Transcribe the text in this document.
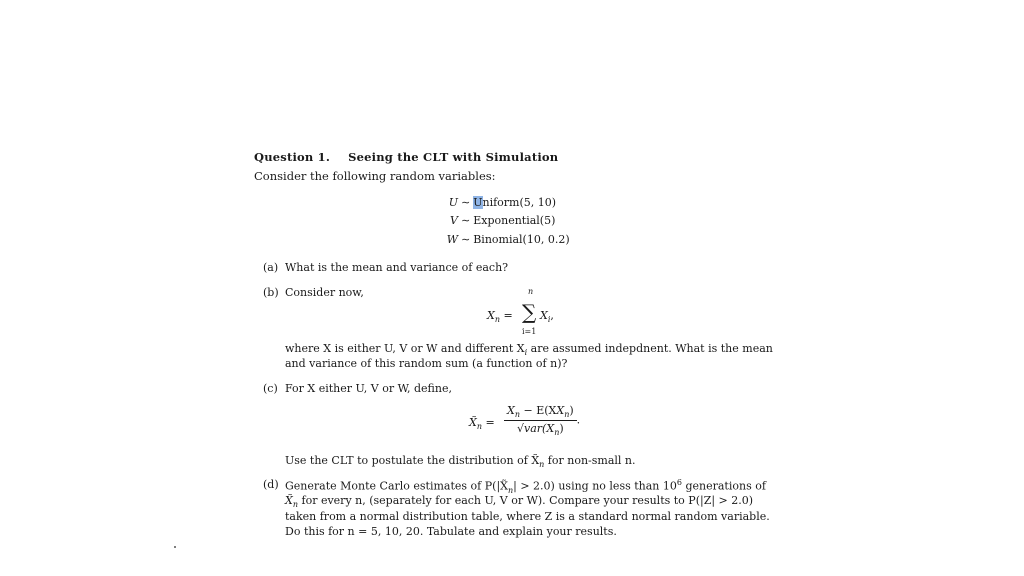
Question 1. Seeing the CLT with Simulation
Consider the following random variables:
U ∼ Uniform(5, 10)
V ∼ Exponential(5)
W ∼ Binomial(10, 0.2)
(a) What is the mean and variance of each?
(b) Consider now,
$X_n$ = ∑
n
i=1
$X_i$,
where X is either U, V or W and different $X_i$ are assumed indepdnent. What is the mean
and variance of this random sum (a function of n)?
(c) For X either U, V or W, define,
$X̃_n = \frac{X_n - E(XX_n)}{√var(X_n)}$ .
Use the CLT to postulate the distribution of $X̃_n$ for non-small n.
(d) Generate Monte Carlo estimates of $P(|X̃_n| > 2.0)$ using no less than $10^6$ generations of
$X̃_n$ for every n, (separately for each U, V or W). Compare your results to P(|Z| > 2.0)
taken from a normal distribution table, where Z is a standard normal random variable.
Do this for n = 5, 10, 20. Tabulate and explain your results.
